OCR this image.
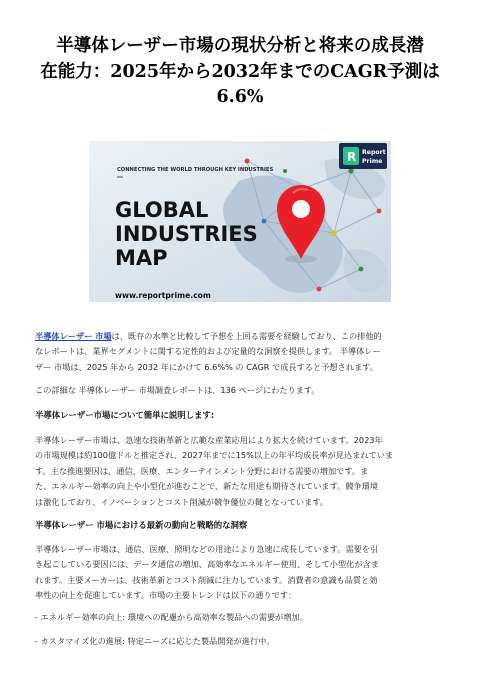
半導体レーザー市場の現状分析と将来の成長潜
在能力：2025年から2032年までのCAGR予測は
6.6%
CONNECTING THE WORLD THROUGH KEY INDUSTRIES
GLOBAL
INDUSTRIES
MAP
www.reportprime.com
R Report
Prime

半導体レーザー 市場は、既存の水準と比較して予想を上回る需要を経験しており、この排他的
なレポートは、業界セグメントに関する定性的および定量的な洞察を提供します。 半導体レー
ザー 市場は、2025 年から 2032 年にかけて 6.6%% の CAGR で成長すると予想されます。

この詳細な 半導体レーザー 市場調査レポートは、136 ページにわたります。

半導体レーザー市場について簡単に説明します:

半導体レーザー市場は、急速な技術革新と広範な産業応用により拡大を続けています。2023年
の市場規模は約100億ドルと推定され、2027年までに15%以上の年平均成長率が見込まれていま
す。主な推進要因は、通信、医療、エンターテインメント分野における需要の増加です。ま
た、エネルギー効率の向上や小型化が進むことで、新たな用途も期待されています。競争環境
は激化しており、イノベーションとコスト削減が競争優位の鍵となっています。

半導体レーザー 市場における最新の動向と戦略的な洞察

半導体レーザー市場は、通信、医療、照明などの用途により急速に成長しています。需要を引
き起こしている要因には、データ通信の増加、高効率なエネルギー使用、そして小型化が含ま
れます。主要メーカーは、技術革新とコスト削減に注力しています。消費者の意識も品質と効
率性の向上を促進しています。市場の主要トレンドは以下の通りです：

- エネルギー効率の向上: 環境への配慮から高効率な製品への需要が増加。

- カスタマイズ化の進展: 特定ニーズに応じた製品開発が進行中。
